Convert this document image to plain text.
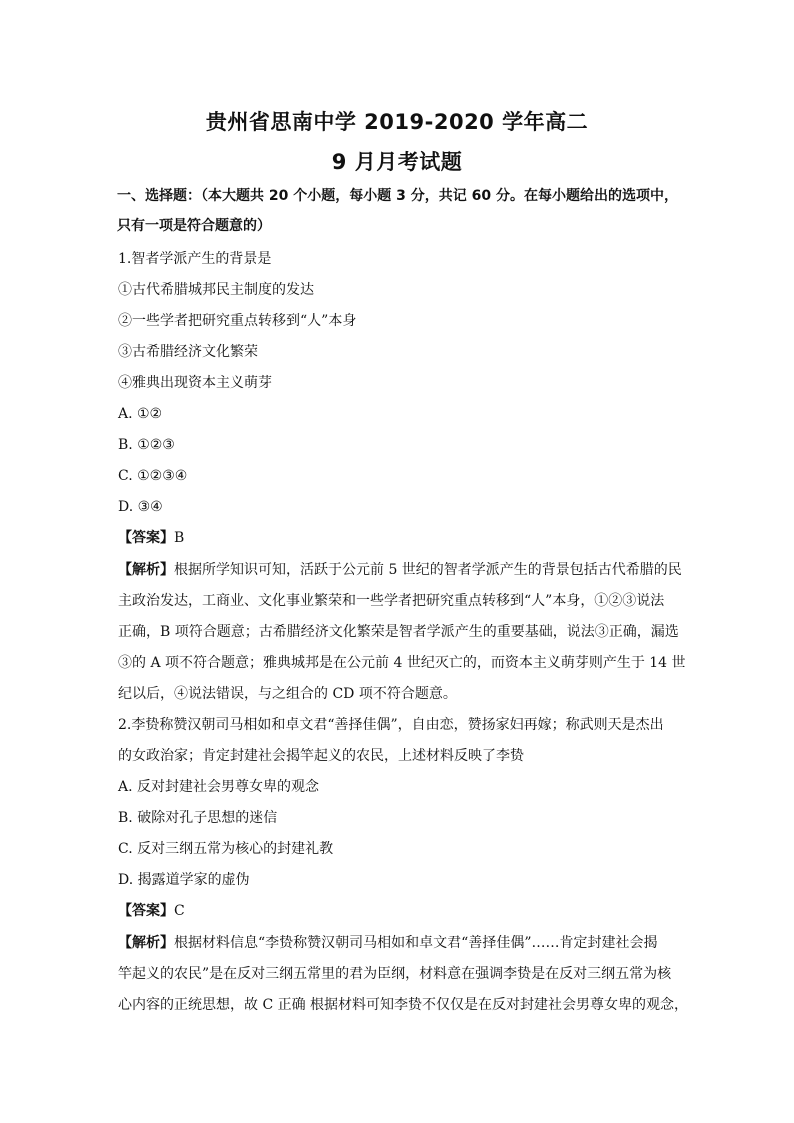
贵州省思南中学 2019-2020 学年高二
9 月月考试题
一、选择题：（本大题共 20 个小题，每小题 3 分，共记 60 分。在每小题给出的选项中，
只有一项是符合题意的）
1.智者学派产生的背景是
①古代希腊城邦民主制度的发达
②一些学者把研究重点转移到“人”本身
③古希腊经济文化繁荣
④雅典出现资本主义萌芽
A. ①②
B. ①②③
C. ①②③④
D. ③④
【答案】B
【解析】根据所学知识可知，活跃于公元前 5 世纪的智者学派产生的背景包括古代希腊的民
主政治发达，工商业、文化事业繁荣和一些学者把研究重点转移到“人”本身，①②③说法
正确，B 项符合题意；古希腊经济文化繁荣是智者学派产生的重要基础，说法③正确，漏选
③的 A 项不符合题意；雅典城邦是在公元前 4 世纪灭亡的，而资本主义萌芽则产生于 14 世
纪以后，④说法错误，与之组合的 CD 项不符合题意。
2.李贽称赞汉朝司马相如和卓文君“善择佳偶”，自由恋，赞扬家妇再嫁；称武则天是杰出
的女政治家；肯定封建社会揭竿起义的农民，上述材料反映了李贽
A. 反对封建社会男尊女卑的观念
B. 破除对孔子思想的迷信
C. 反对三纲五常为核心的封建礼教
D. 揭露道学家的虚伪
【答案】C
【解析】根据材料信息“李贽称赞汉朝司马相如和卓文君“善择佳偶”……肯定封建社会揭
竿起义的农民”是在反对三纲五常里的君为臣纲，材料意在强调李贽是在反对三纲五常为核
心内容的正统思想，故 C 正确 根据材料可知李贽不仅仅是在反对封建社会男尊女卑的观念，
